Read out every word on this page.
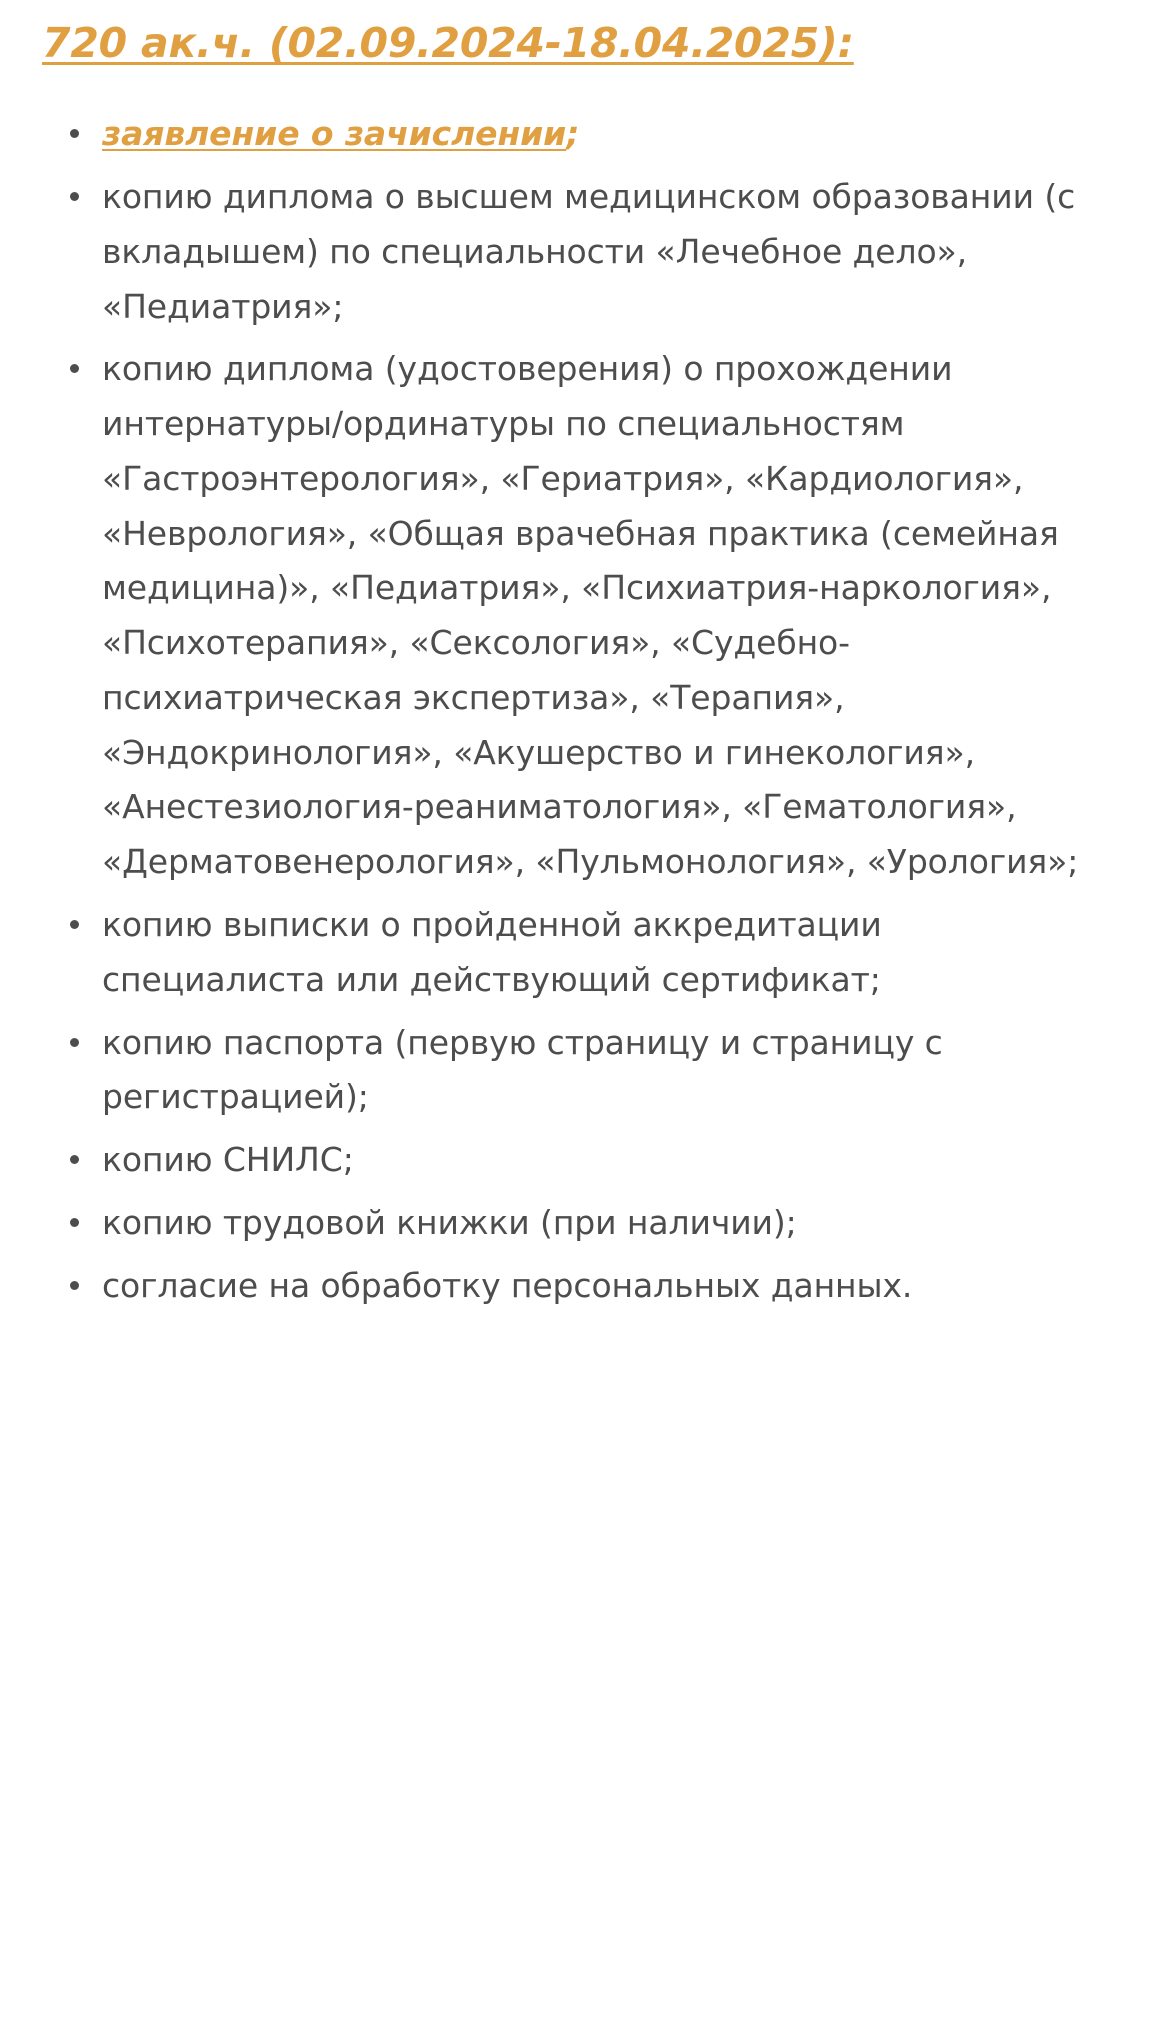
720 ак.ч. (02.09.2024-18.04.2025):
заявление о зачислении;
копию диплома о высшем медицинском образовании (с вкладышем) по специальности «Лечебное дело», «Педиатрия»;
копию диплома (удостоверения) о прохождении интернатуры/ординатуры по специальностям «Гастроэнтерология», «Гериатрия», «Кардиология», «Неврология», «Общая врачебная практика (семейная медицина)», «Педиатрия», «Психиатрия-наркология», «Психотерапия», «Сексология», «Судебно-психиатрическая экспертиза», «Терапия», «Эндокринология», «Акушерство и гинекология», «Анестезиология-реаниматология», «Гематология», «Дерматовенерология», «Пульмонология», «Урология»;
копию выписки о пройденной аккредитации специалиста или действующий сертификат;
копию паспорта (первую страницу и страницу с регистрацией);
копию СНИЛС;
копию трудовой книжки (при наличии);
согласие на обработку персональных данных.
